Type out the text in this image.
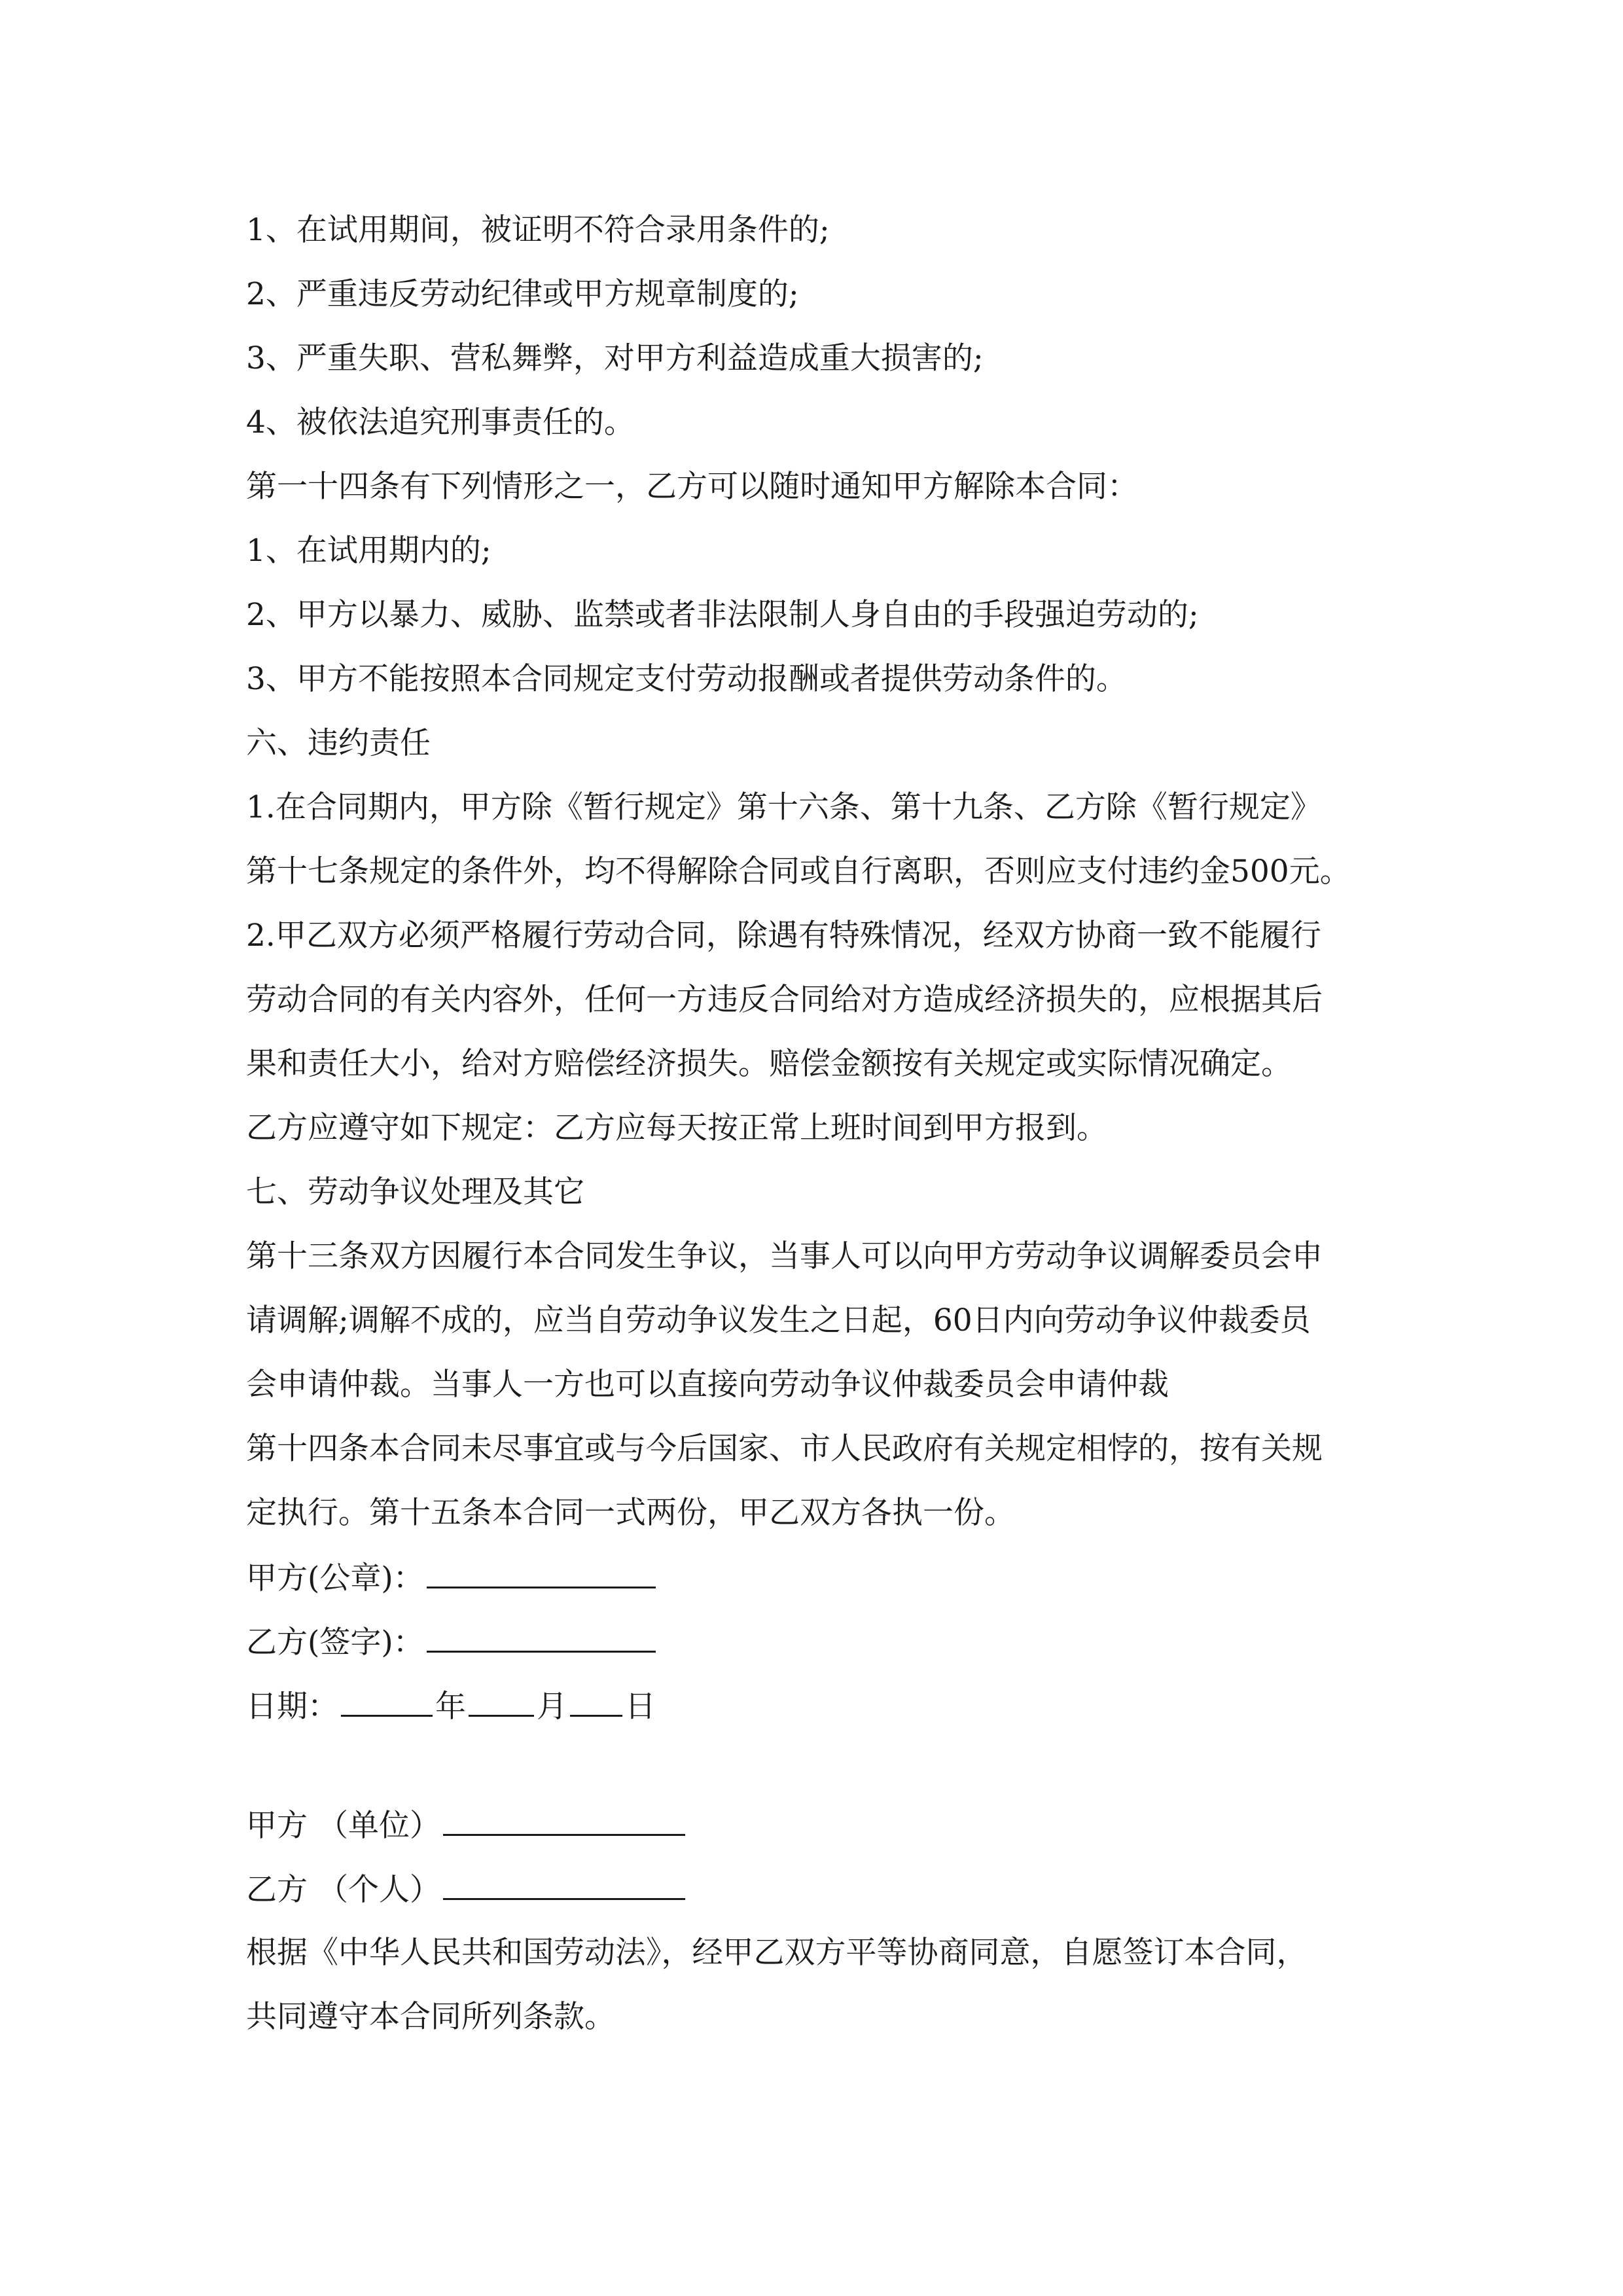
1、在试用期间，被证明不符合录用条件的;
2、严重违反劳动纪律或甲方规章制度的;
3、严重失职、营私舞弊，对甲方利益造成重大损害的;
4、被依法追究刑事责任的。
第一十四条有下列情形之一，乙方可以随时通知甲方解除本合同：
1、在试用期内的;
2、甲方以暴力、威胁、监禁或者非法限制人身自由的手段强迫劳动的;
3、甲方不能按照本合同规定支付劳动报酬或者提供劳动条件的。
六、违约责任
1.在合同期内，甲方除《暂行规定》第十六条、第十九条、乙方除《暂行规定》
第十七条规定的条件外，均不得解除合同或自行离职，否则应支付违约金500元。
2.甲乙双方必须严格履行劳动合同，除遇有特殊情况，经双方协商一致不能履行
劳动合同的有关内容外，任何一方违反合同给对方造成经济损失的，应根据其后
果和责任大小，给对方赔偿经济损失。赔偿金额按有关规定或实际情况确定。
乙方应遵守如下规定：乙方应每天按正常上班时间到甲方报到。
七、劳动争议处理及其它
第十三条双方因履行本合同发生争议，当事人可以向甲方劳动争议调解委员会申
请调解;调解不成的，应当自劳动争议发生之日起，60日内向劳动争议仲裁委员
会申请仲裁。当事人一方也可以直接向劳动争议仲裁委员会申请仲裁
第十四条本合同未尽事宜或与今后国家、市人民政府有关规定相悖的，按有关规
定执行。第十五条本合同一式两份，甲乙双方各执一份。
甲方(公章)：
乙方(签字)：
日期：	年 月 日
甲方 （单位）
乙方 （个人）
根据《中华人民共和国劳动法》，经甲乙双方平等协商同意，自愿签订本合同，
共同遵守本合同所列条款。
